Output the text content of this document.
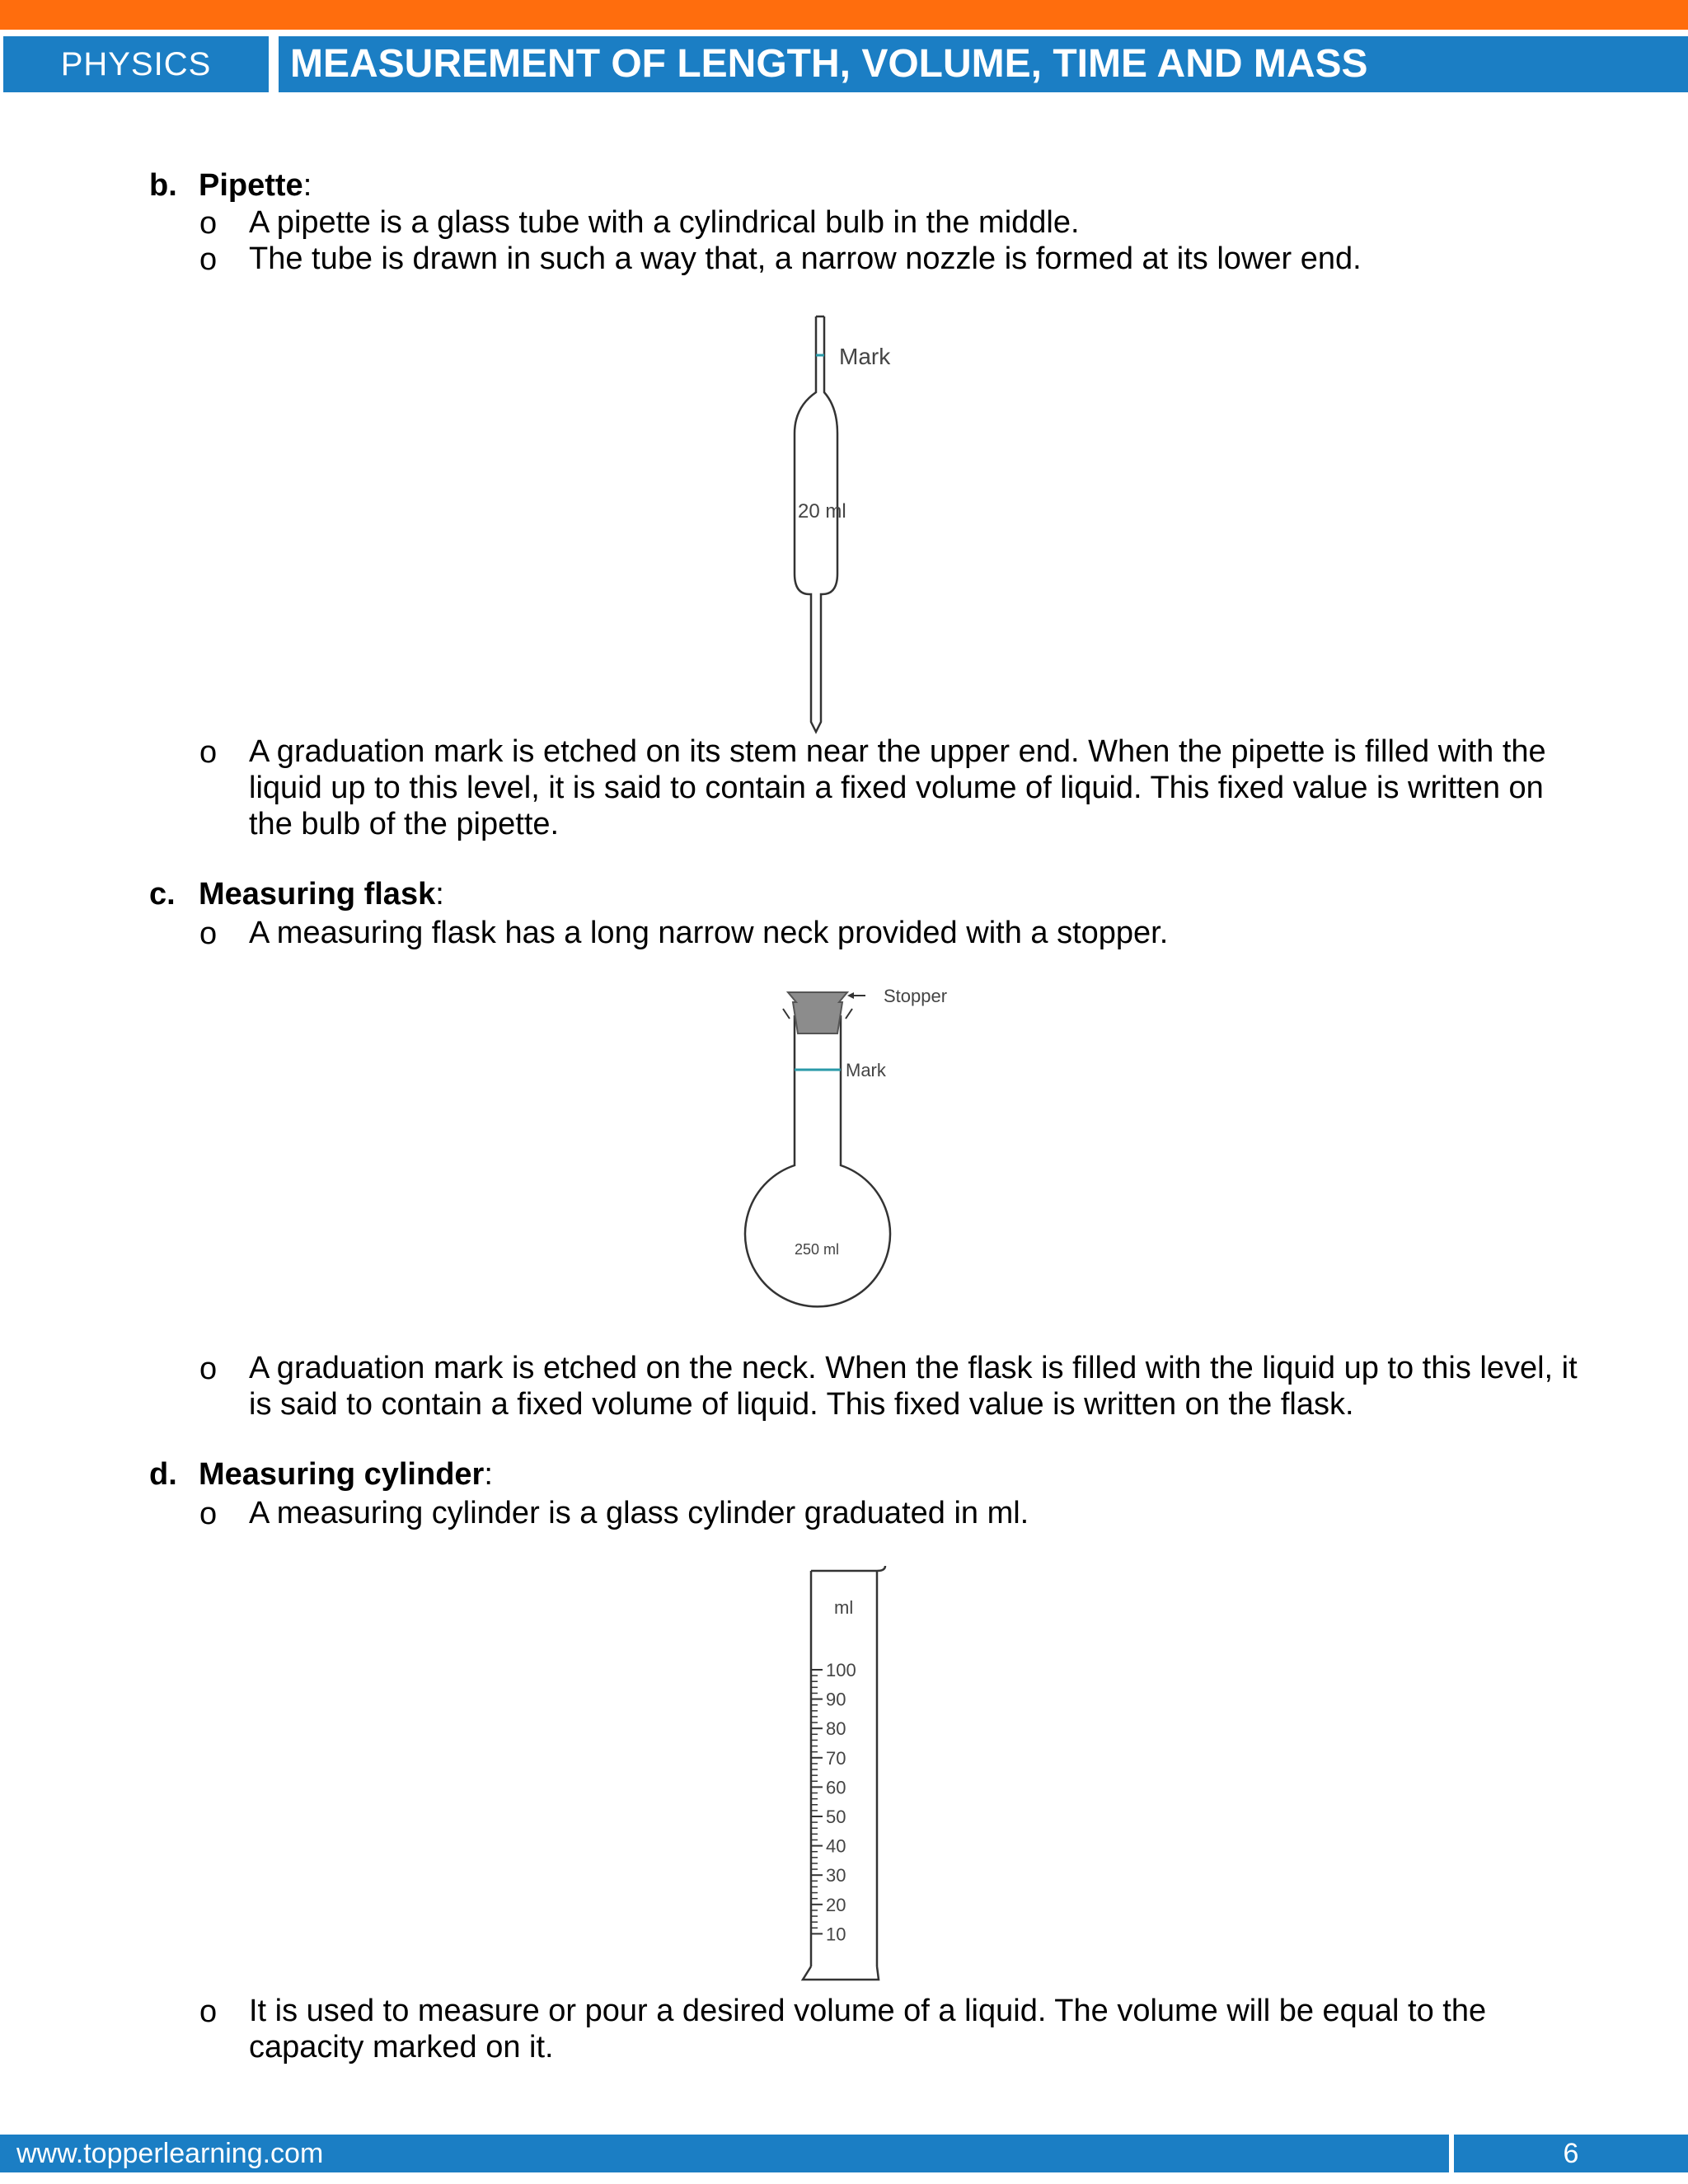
PHYSICS	MEASUREMENT OF LENGTH, VOLUME, TIME AND MASS
b. Pipette:
o A pipette is a glass tube with a cylindrical bulb in the middle.
o The tube is drawn in such a way that, a narrow nozzle is formed at its lower end.
Mark
20 ml
o A graduation mark is etched on its stem near the upper end. When the pipette is filled with the liquid up to this level, it is said to contain a fixed volume of liquid. This fixed value is written on the bulb of the pipette.
c. Measuring flask:
o A measuring flask has a long narrow neck provided with a stopper.
Stopper
Mark
250 ml
o A graduation mark is etched on the neck. When the flask is filled with the liquid up to this level, it is said to contain a fixed volume of liquid. This fixed value is written on the flask.
d. Measuring cylinder:
o A measuring cylinder is a glass cylinder graduated in ml.
ml
100
90
80
70
60
50
40
30
20
10
o It is used to measure or pour a desired volume of a liquid. The volume will be equal to the capacity marked on it.
www.topperlearning.com	6
